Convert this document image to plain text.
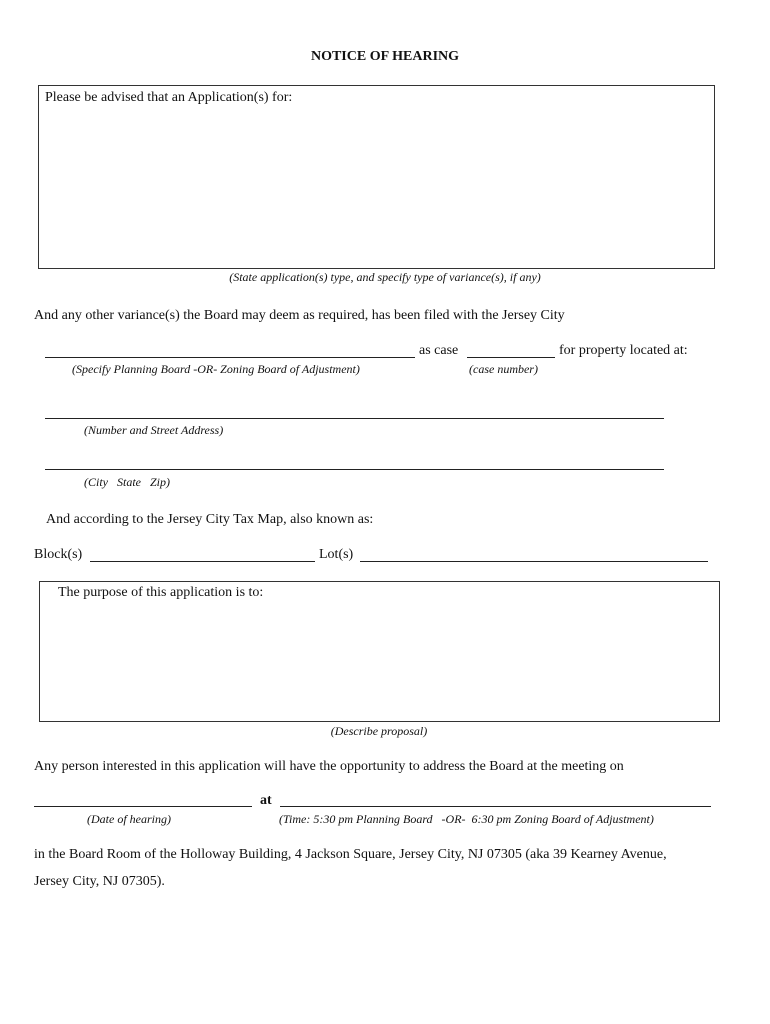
NOTICE OF HEARING
Please be advised that an Application(s) for:
(State application(s) type, and specify type of variance(s), if any)
And any other variance(s) the Board may deem as required, has been filed with the Jersey City
as case	for property located at:
(Specify Planning Board -OR- Zoning Board of Adjustment)	(case number)
(Number and Street Address)
(City   State   Zip)
And according to the Jersey City Tax Map, also known as:
Block(s)	Lot(s)
The purpose of this application is to:
(Describe proposal)
Any person interested in this application will have the opportunity to address the Board at the meeting on
at
(Date of hearing)	(Time: 5:30 pm Planning Board   -OR-  6:30 pm Zoning Board of Adjustment)
in the Board Room of the Holloway Building, 4 Jackson Square, Jersey City, NJ 07305 (aka 39 Kearney Avenue,
Jersey City, NJ 07305).
